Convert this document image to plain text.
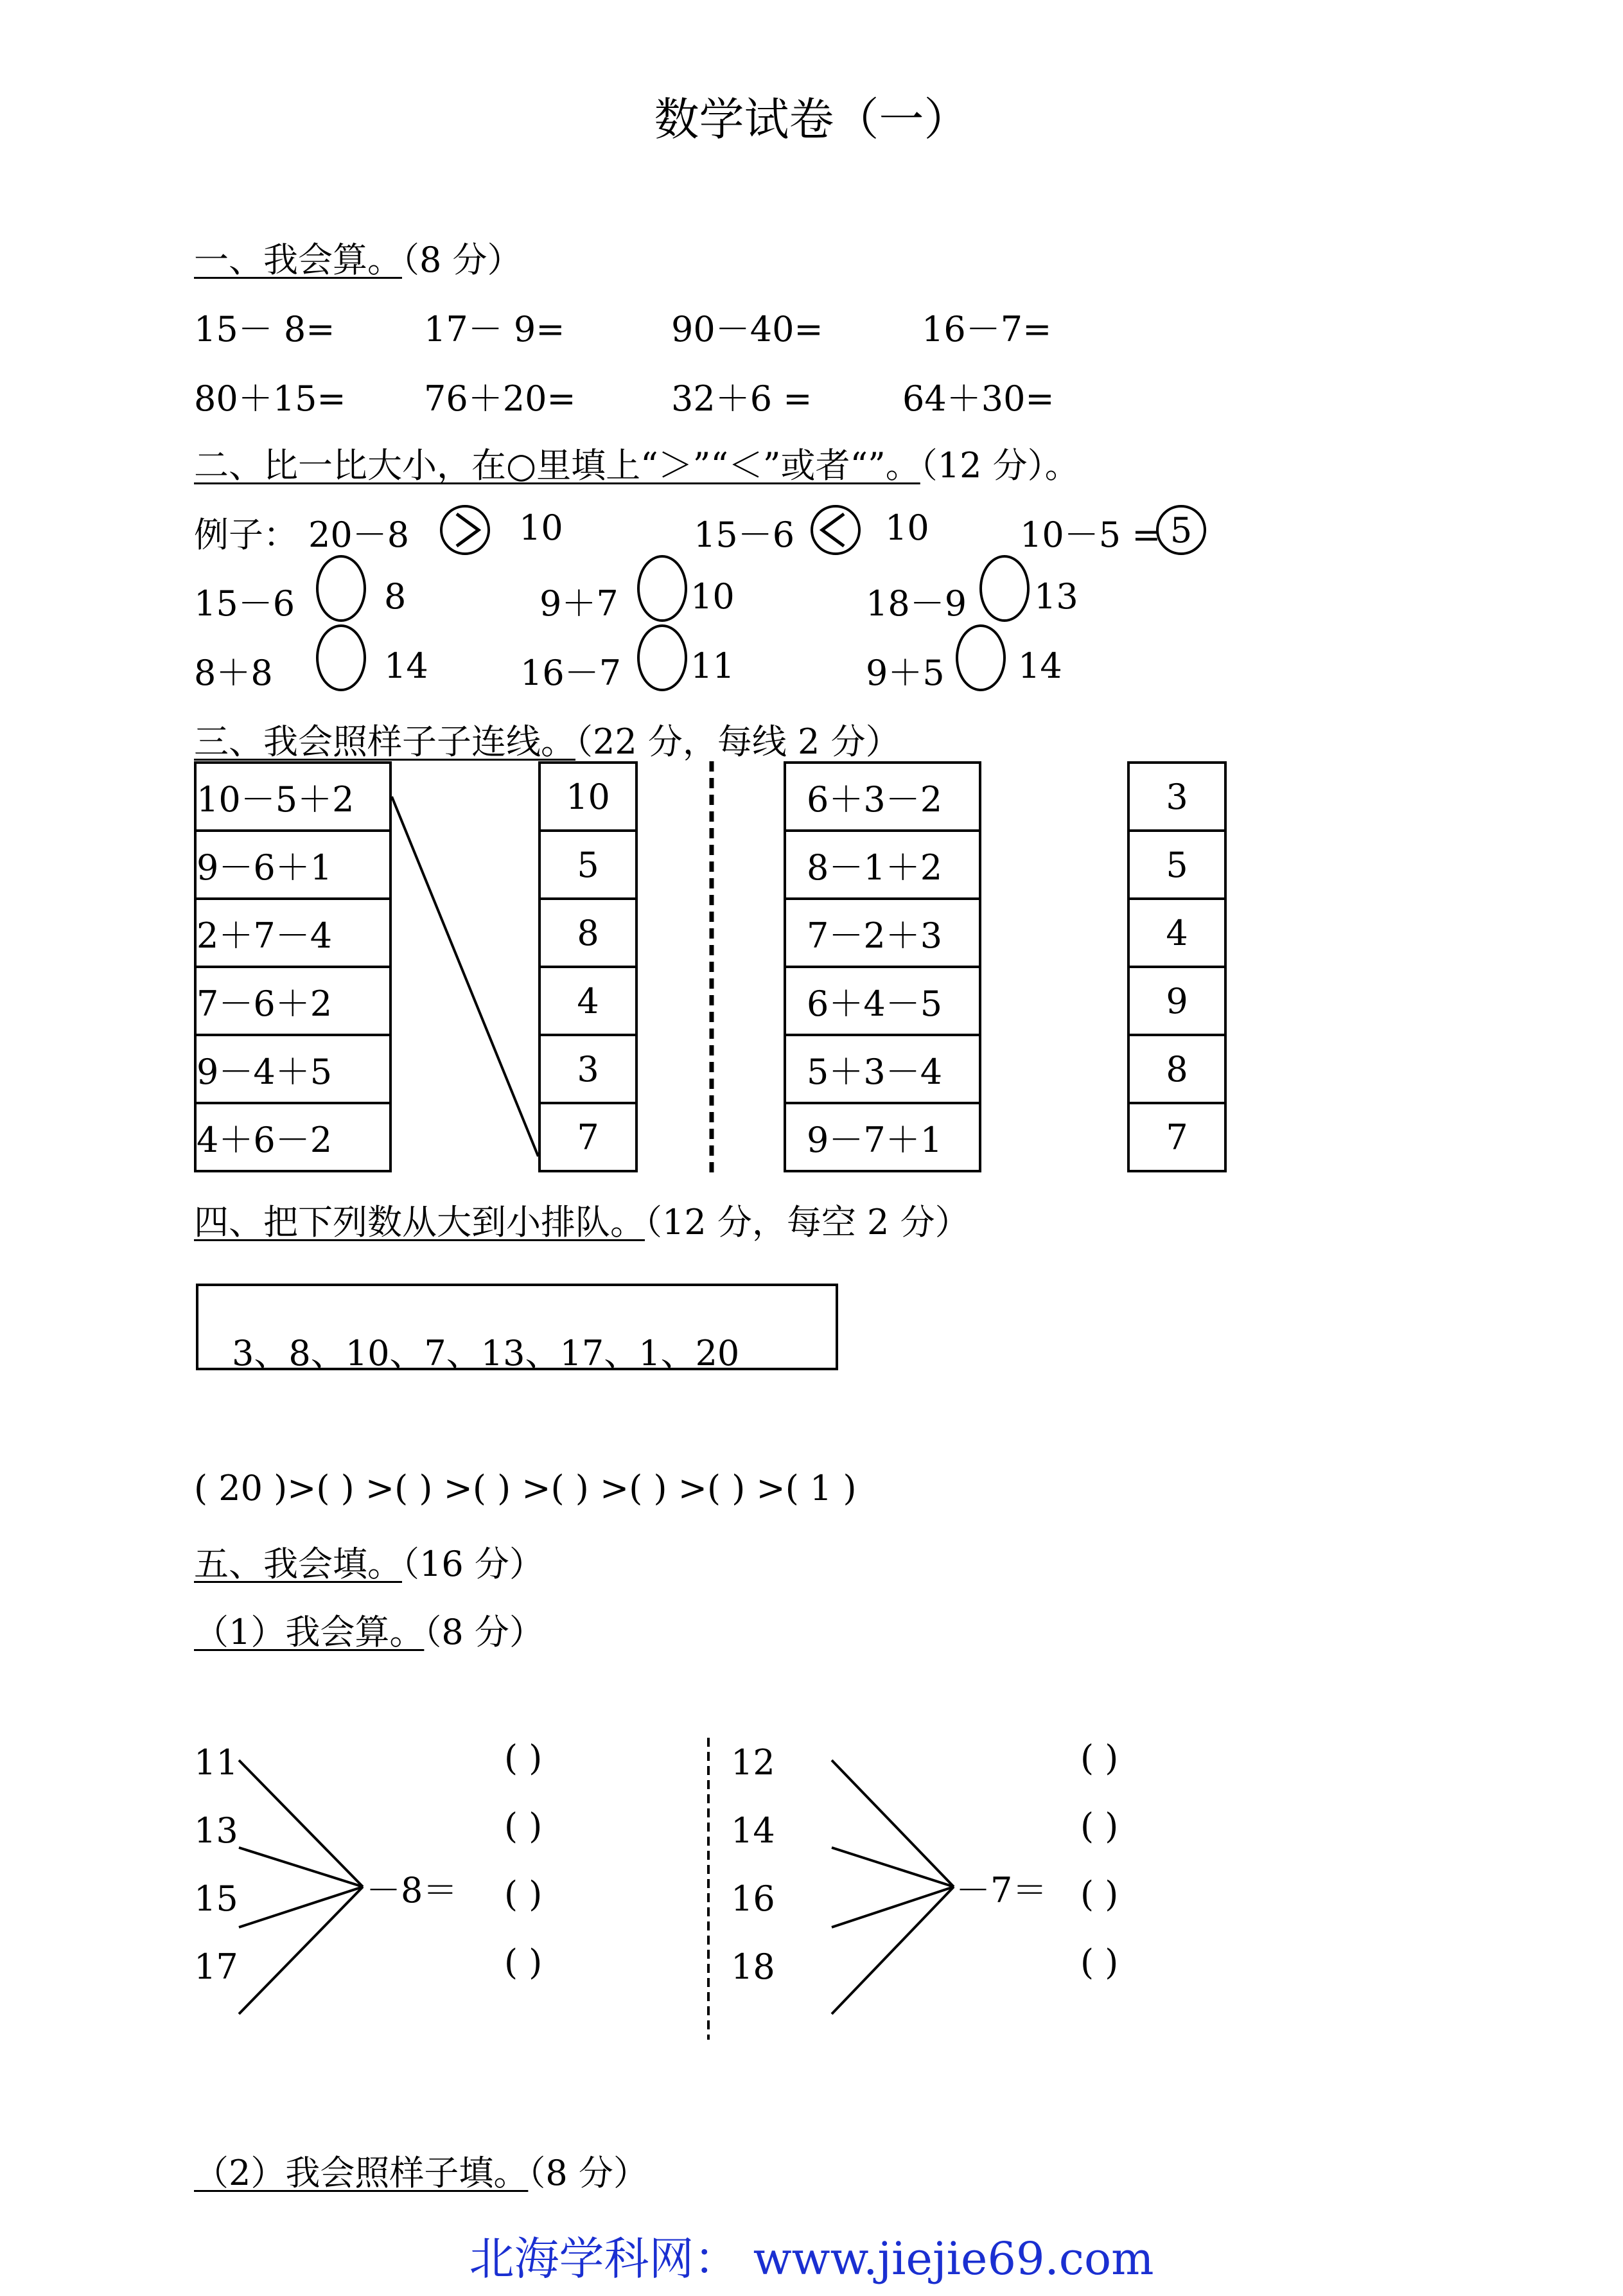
数学试卷（一）
一、我会算。（8 分）
15－ 8=	17－ 9=	90－40=	16－7=
80＋15= 76＋20=	32＋6 =	64＋30=
二、比一比大小，在○里填上“＞”“＜”或者“”。（12 分）。
例子： 20－8	10	15－6	10	10－5 = 5
15－6	8	9＋7 10	18－9 13
8＋8	14	16－7 11	9＋5 14
三、我会照样子子连线。（22 分，每线 2 分）
10－5＋2
9－6＋1
2＋7－4
7－6＋2
9－4＋5
4＋6－2
10
5
8
4
3
7
6＋3－2
8－1＋2
7－2＋3
6＋4－5
5＋3－4
9－7＋1
3
5
4
9
8
7
四、把下列数从大到小排队。（12 分，每空 2 分）
3、8、10、7、13、17、1、20
( 20 )>( ) >( ) >( ) >( ) >( ) >( ) >( 1 )
五、我会填。（16 分）
（1）我会算。（8 分）
11
13
15
17
－8＝
( )
( )
( )
( )
12
14
16
18
－7＝
( )
( )
( )
( )
（2）我会照样子填。（8 分）
北海学科网： www.jiejie69.com
